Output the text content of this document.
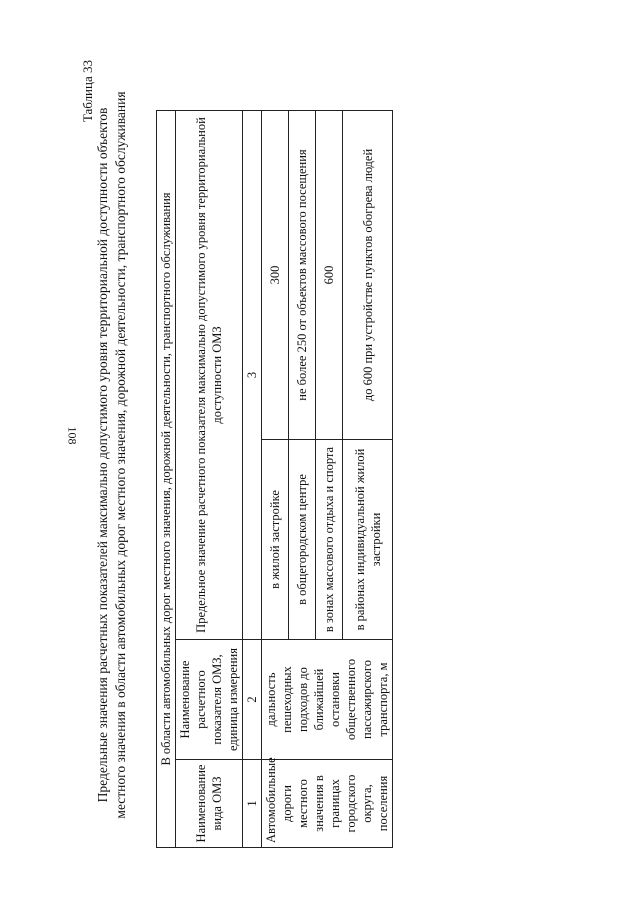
108
Таблица 33
Предельные значения расчетных показателей максимально допустимого уровня территориальной доступности объектов местного значения в области автомобильных дорог местного значения, дорожной деятельности, транспортного обслуживания В области автомобильных дорог местного значения, дорожной деятельности, транспортного обслуживания			
Наименование вида ОМЗ	Наименование расчетного показателя ОМЗ, единица измерения	Предельное значение расчетного показателя максимально допустимого уровня территориальной доступности ОМЗ	
1	2	3	
Автомобильные дороги местного значения в границах городского округа, поселения	дальность пешеходных подходов до ближайшей остановки общественного пассажирского транспорта, м	в жилой застройке	300
		в общегородском центре	не более 250 от объектов массового посещения
		в зонах массового отдыха и спорта	600
		в районах индивидуальной жилой застройки	до 600 при устройстве пунктов обогрева людей
